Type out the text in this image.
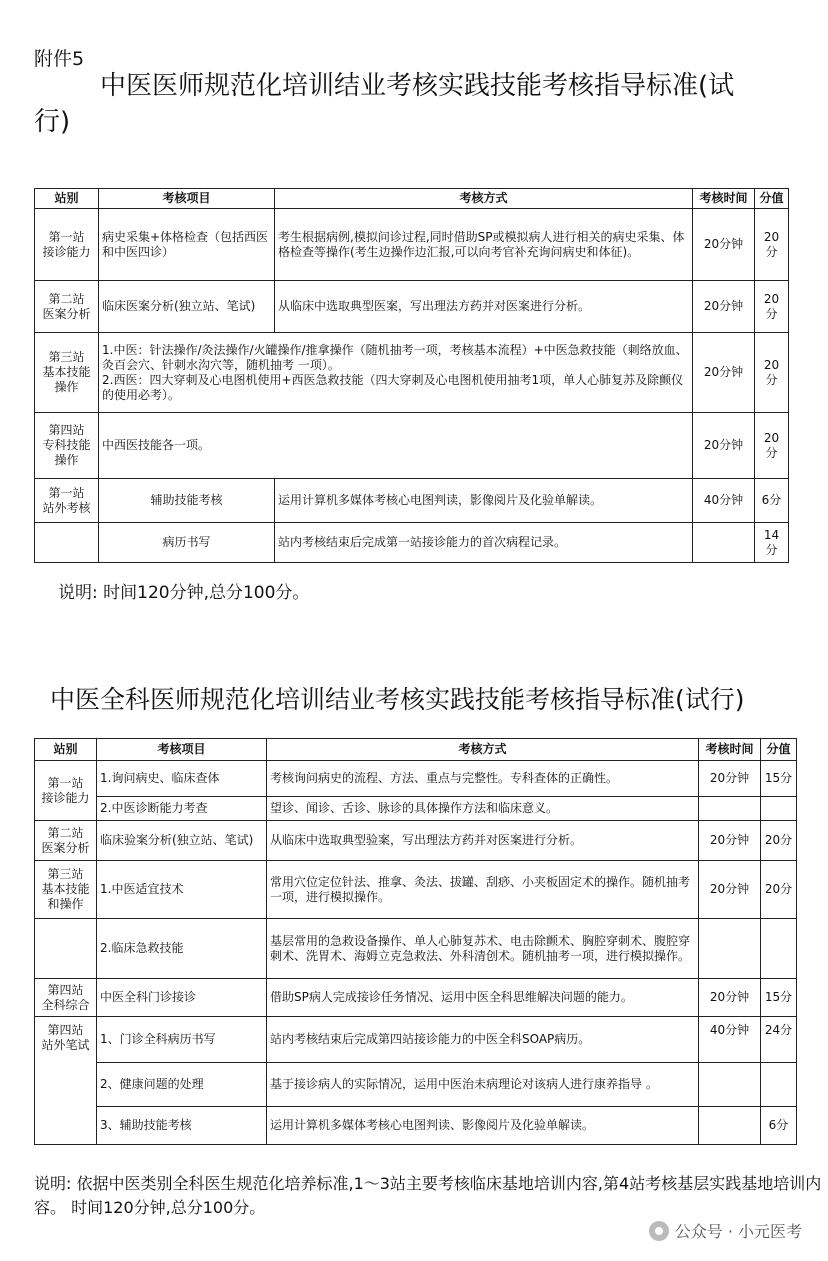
附件5
中医医师规范化培训结业考核实践技能考核指导标准(试
行)
站别	考核项目	考核方式	考核时间	分值
第一站
接诊能力	病史采集+体格检查（包括西医和中医四诊）	考生根据病例,模拟问诊过程,同时借助SP或模拟病人进行相关的病史采集、体格检查等操作(考生边操作边汇报,可以向考官补充询问病史和体征)。	20分钟	20分
第二站
医案分析	临床医案分析(独立站、笔试)	从临床中选取典型医案，写出理法方药并对医案进行分析。	20分钟	20分
第三站
基本技能
操作	1.中医：针法操作/灸法操作/火罐操作/推拿操作（随机抽考一项，考核基本流程）+中医急救技能（刺络放血、灸百会穴、针刺水沟穴等，随机抽考 一项）。
2.西医：四大穿刺及心电图机使用+西医急救技能（四大穿刺及心电图机使用抽考1项，单人心肺复苏及除颤仪的使用必考）。		20分钟	20分
第四站
专科技能
操作	中西医技能各一项。		20分钟	20分
第一站
站外考核	辅助技能考核	运用计算机多媒体考核心电图判读，影像阅片及化验单解读。	40分钟	6分
	病历书写	站内考核结束后完成第一站接诊能力的首次病程记录。		14分
说明: 时间120分钟,总分100分。
中医全科医师规范化培训结业考核实践技能考核指导标准(试行)
站别	考核项目	考核方式	考核时间	分值
第一站
接诊能力	1.询问病史、临床查体	考核询问病史的流程、方法、重点与完整性。专科查体的正确性。	20分钟	15分
	2.中医诊断能力考查	望诊、闻诊、舌诊、脉诊的具体操作方法和临床意义。		
第二站
医案分析	临床验案分析(独立站、笔试)	从临床中选取典型验案，写出理法方药并对医案进行分析。	20分钟	20分
第三站
基本技能
和操作	1.中医适宜技术	常用穴位定位针法、推拿、灸法、拔罐、刮痧、小夹板固定术的操作。随机抽考一项，进行模拟操作。	20分钟	20分
	2.临床急救技能	基层常用的急救设备操作、单人心肺复苏术、电击除颤术、胸腔穿刺术、腹腔穿刺术、洗胃术、海姆立克急救法、外科清创术。随机抽考一项，进行模拟操作。		
第四站
全科综合	中医全科门诊接诊	借助SP病人完成接诊任务情况、运用中医全科思维解决问题的能力。	20分钟	15分
第四站
站外笔试	1、门诊全科病历书写	站内考核结束后完成第四站接诊能力的中医全科SOAP病历。	40分钟	24分
	2、健康问题的处理	基于接诊病人的实际情况，运用中医治未病理论对该病人进行康养指导 。		
	3、辅助技能考核	运用计算机多媒体考核心电图判读、影像阅片及化验单解读。		6分
说明: 依据中医类别全科医生规范化培养标准,1～3站主要考核临床基地培训内容,第4站考核基层实践基地培训内容。 时间120分钟,总分100分。
公众号 · 小元医考
